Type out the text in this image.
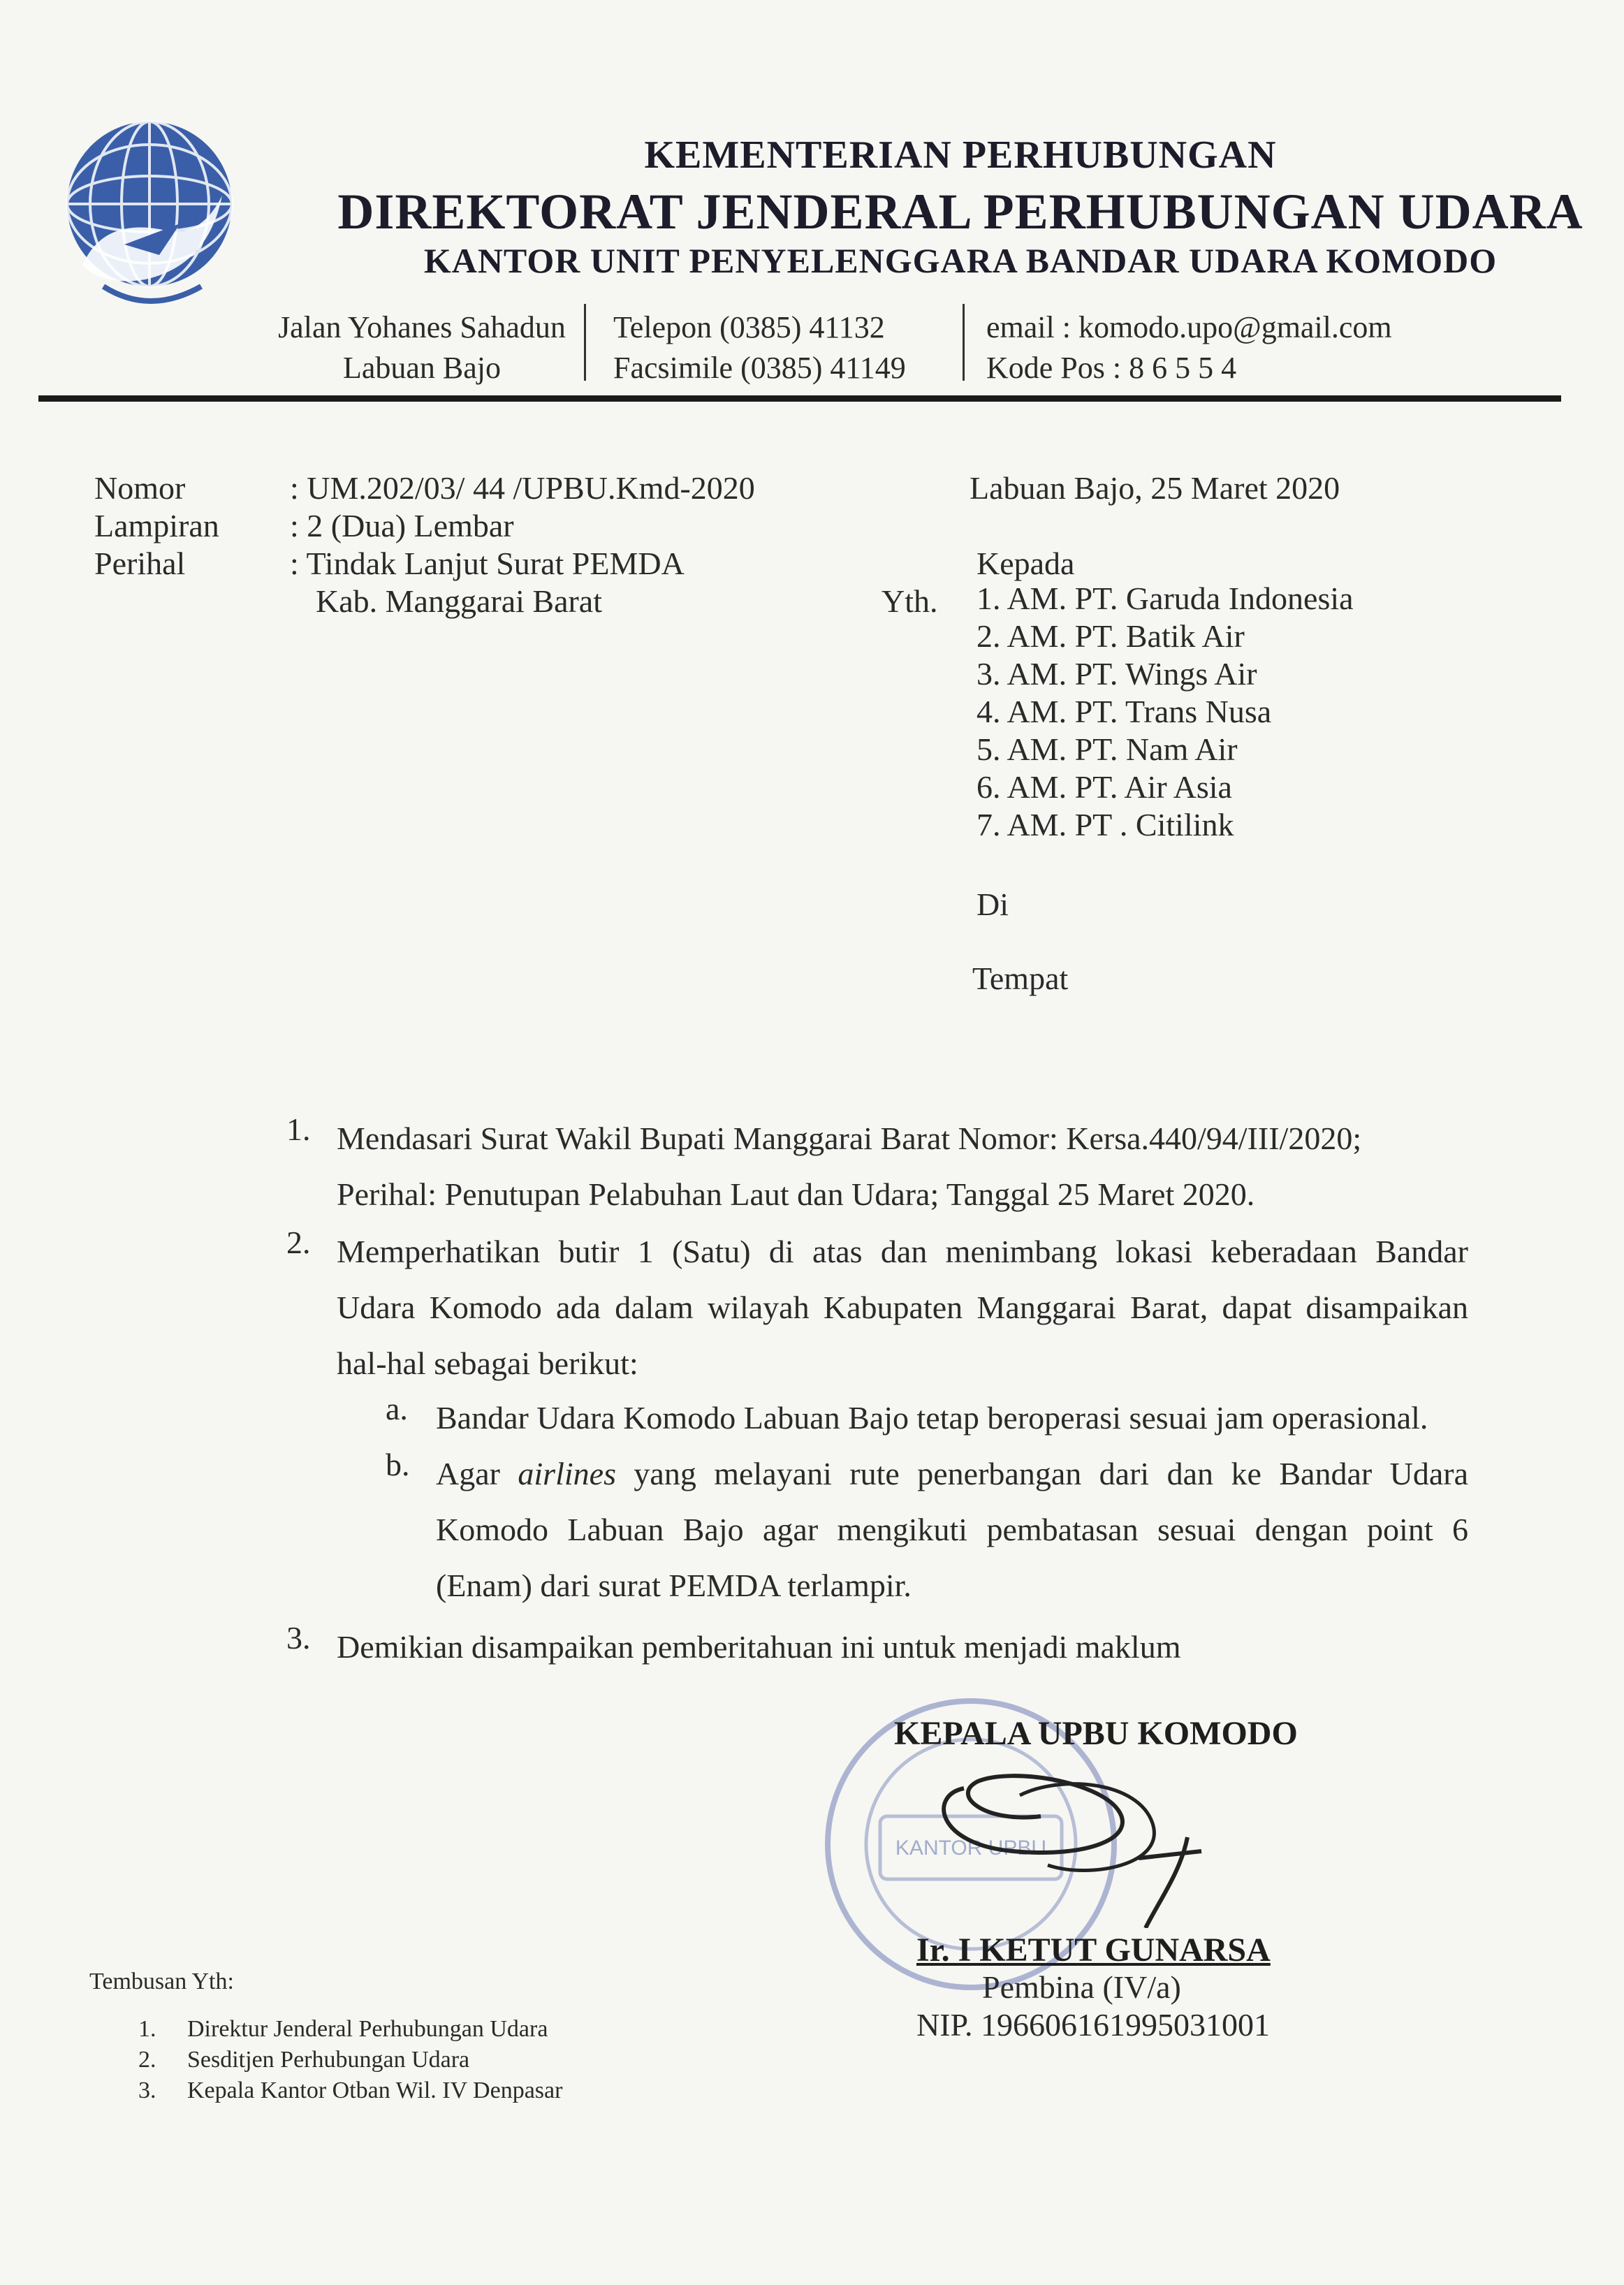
KEMENTERIAN PERHUBUNGAN
DIREKTORAT JENDERAL PERHUBUNGAN UDARA
KANTOR UNIT PENYELENGGARA BANDAR UDARA KOMODO
Jalan Yohanes Sahadun
Labuan Bajo
Telepon (0385) 41132
Facsimile (0385) 41149
email : komodo.upo@gmail.com
Kode Pos : 8 6 5 5 4
Nomor	: UM.202/03/ 44 /UPBU.Kmd-2020
Lampiran : 2 (Dua) Lembar
Perihal	: Tindak Lanjut Surat PEMDA
Kab. Manggarai Barat
Labuan Bajo, 25 Maret 2020
Kepada
Yth. 1. AM. PT. Garuda Indonesia
2. AM. PT. Batik Air
3. AM. PT. Wings Air
4. AM. PT. Trans Nusa
5. AM. PT. Nam Air
6. AM. PT. Air Asia
7. AM. PT . Citilink
Di
Tempat
1. Mendasari Surat Wakil Bupati Manggarai Barat Nomor: Kersa.440/94/III/2020;
Perihal: Penutupan Pelabuhan Laut dan Udara; Tanggal 25 Maret 2020.
2. Memperhatikan butir 1 (Satu) di atas dan menimbang lokasi keberadaan Bandar
Udara Komodo ada dalam wilayah Kabupaten Manggarai Barat, dapat disampaikan
hal-hal sebagai berikut:
a. Bandar Udara Komodo Labuan Bajo tetap beroperasi sesuai jam operasional.
b. Agar airlines yang melayani rute penerbangan dari dan ke Bandar Udara
Komodo Labuan Bajo agar mengikuti pembatasan sesuai dengan point 6
(Enam) dari surat PEMDA terlampir.
3. Demikian disampaikan pemberitahuan ini untuk menjadi maklum
KANTOR UPBU
KEPALA UPBU KOMODO
Ir. I KETUT GUNARSA
Pembina (IV/a)
NIP. 196606161995031001
Tembusan Yth:
1. Direktur Jenderal Perhubungan Udara
2. Sesditjen Perhubungan Udara
3. Kepala Kantor Otban Wil. IV Denpasar
